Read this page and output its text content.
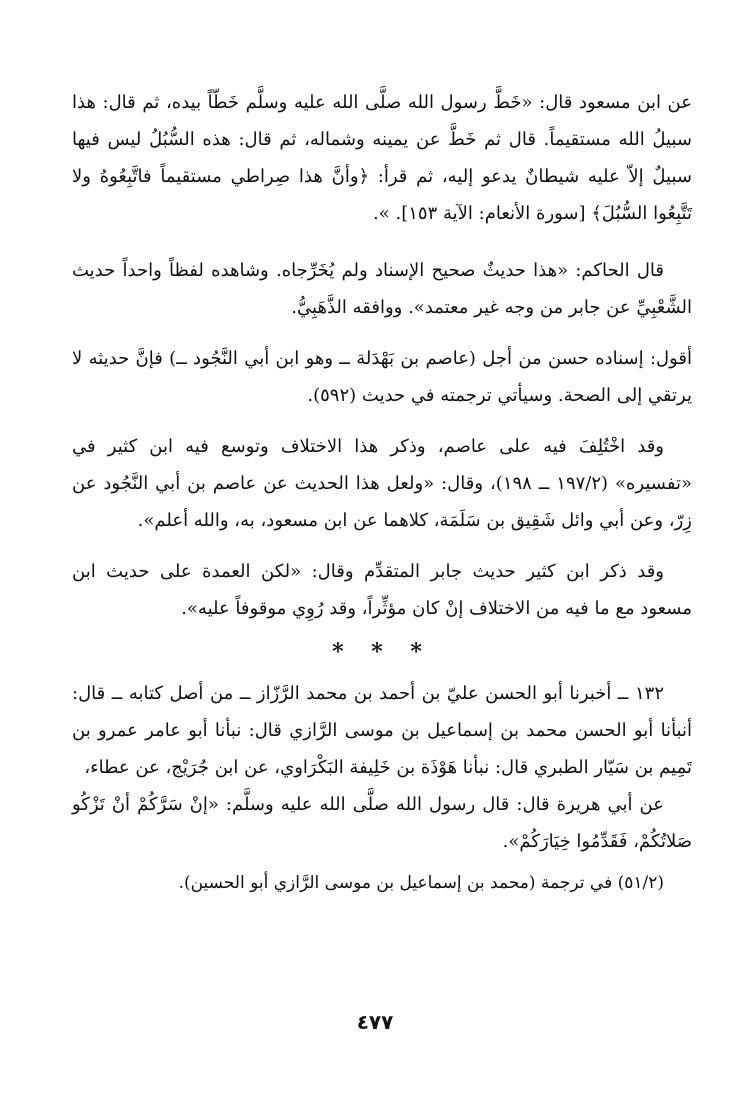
عن ابن مسعود قال: «خَطَّ رسول الله صلَّى الله عليه وسلَّم خَطّاً بيده، ثم قال: هذا سبيلُ الله مستقيماً. قال ثم خَطَّ عن يمينه وشماله، ثم قال: هذه السُّبُلُ ليس فيها سبيلٌ إلاّ عليه شيطانٌ يدعو إليه، ثم قرأ: ﴿وأنَّ هذا صِراطي مستقيماً فاتَّبِعُوهُ ولا تَتَّبِعُوا السُّبُلَ﴾ [سورة الأنعام: الآية ١٥٣]. ».

قال الحاكم: «هذا حديثٌ صحيح الإسناد ولم يُخَرِّجاه. وشاهده لفظاً واحداً حديث الشَّعْبِيِّ عن جابر من وجه غير معتمد». ووافقه الذَّهَبِيُّ.

أقول: إسناده حسن من أجل (عاصم بن بَهْدَلة ــ وهو ابن أبي النَّجُود ــ) فإنَّ حديثه لا يرتقي إلى الصحة. وسيأتي ترجمته في حديث (٥٩٢).

وقد اخْتُلِفَ فيه على عاصم، وذكر هذا الاختلاف وتوسع فيه ابن كثير في «تفسيره» (١٩٧/٢ ــ ١٩٨)، وقال: «ولعل هذا الحديث عن عاصم بن أبي النَّجُود عن زِرّ، وعن أبي وائل شَقِيق بن سَلَمَة، كلاهما عن ابن مسعود، به، والله أعلم».

وقد ذكر ابن كثير حديث جابر المتقدِّم وقال: «لكن العمدة على حديث ابن مسعود مع ما فيه من الاختلاف إنْ كان مؤثِّراً، وقد رُوِي موقوفاً عليه».

* * *

١٣٢ ــ أخبرنا أبو الحسن عليّ بن أحمد بن محمد الرَّزّاز ــ من أصل كتابه ــ قال: أنبأنا أبو الحسن محمد بن إسماعيل بن موسى الرَّازي قال: نبأنا أبو عامر عمرو بن تَمِيم بن سَيّار الطبري قال: نبأنا هَوْذَة بن خَلِيفة البَكْرَاوي، عن ابن جُرَيْج، عن عطاء،

عن أبي هريرة قال: قال رسول الله صلَّى الله عليه وسلَّم: «إنْ سَرَّكُمْ أنْ تَزْكُو صَلاتُكُمْ، فَقَدِّمُوا خِيَارَكُمْ».

(٥١/٢) في ترجمة (محمد بن إسماعيل بن موسى الرَّازي أبو الحسين).

٤٧٧
